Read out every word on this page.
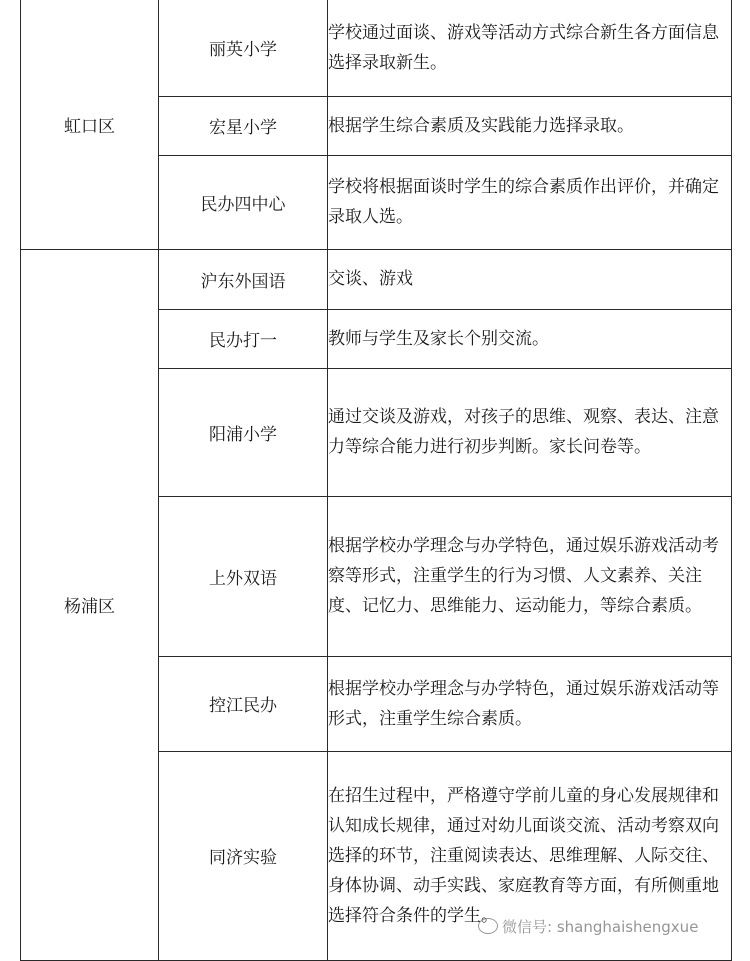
虹口区	丽英小学	学校通过面谈、游戏等活动方式综合新生各方面信息选择录取新生。
	宏星小学	根据学生综合素质及实践能力选择录取。
	民办四中心	学校将根据面谈时学生的综合素质作出评价，并确定录取人选。
杨浦区	沪东外国语	交谈、游戏
	民办打一	教师与学生及家长个别交流。
	阳浦小学	通过交谈及游戏，对孩子的思维、观察、表达、注意力等综合能力进行初步判断。家长问卷等。
	上外双语	根据学校办学理念与办学特色，通过娱乐游戏活动考察等形式，注重学生的行为习惯、人文素养、关注度、记忆力、思维能力、运动能力，等综合素质。
	控江民办	根据学校办学理念与办学特色，通过娱乐游戏活动等形式，注重学生综合素质。
	同济实验	在招生过程中，严格遵守学前儿童的身心发展规律和认知成长规律，通过对幼儿面谈交流、活动考察双向选择的环节，注重阅读表达、思维理解、人际交往、身体协调、动手实践、家庭教育等方面，有所侧重地选择符合条件的学生。
微信号: shanghaishengxue
